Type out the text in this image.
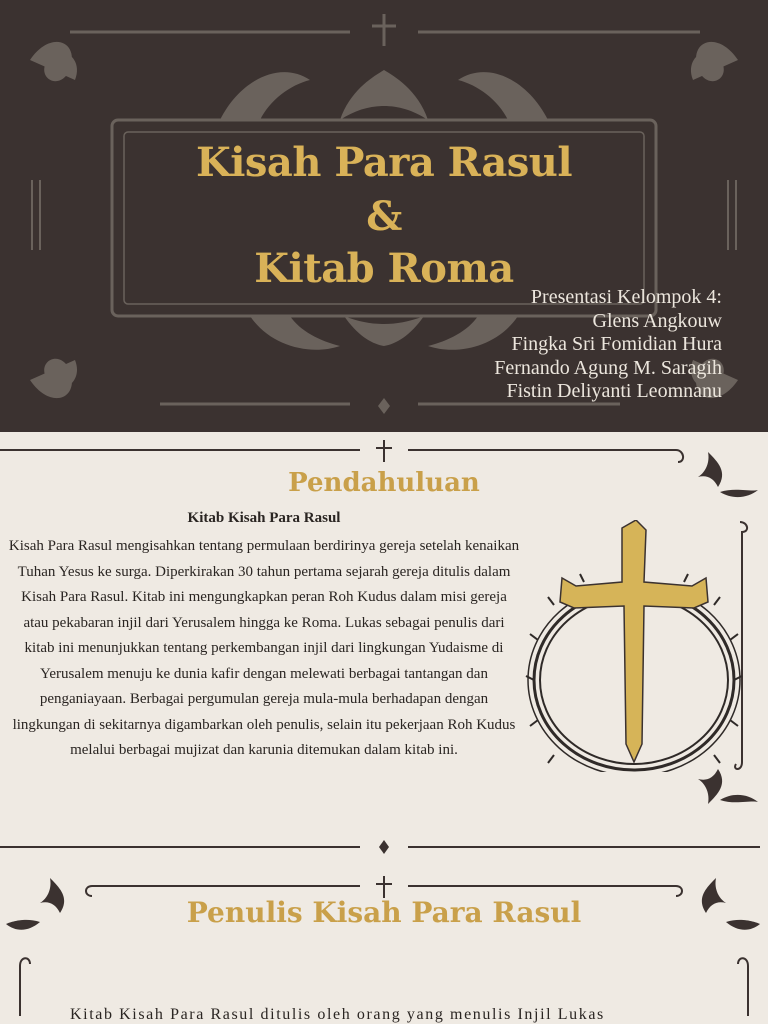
Kisah Para Rasul
&
Kitab Roma
Presentasi Kelompok 4:
Glens Angkouw
Fingka Sri Fomidian Hura
Fernando Agung M. Saragih
Fistin Deliyanti Leomnanu
Pendahuluan
Kitab Kisah Para Rasul
Kisah Para Rasul mengisahkan tentang permulaan berdirinya gereja setelah kenaikan Tuhan Yesus ke surga. Diperkirakan 30 tahun pertama sejarah gereja ditulis dalam Kisah Para Rasul. Kitab ini mengungkapkan peran Roh Kudus dalam misi gereja atau pekabaran injil dari Yerusalem hingga ke Roma. Lukas sebagai penulis dari kitab ini menunjukkan tentang perkembangan injil dari lingkungan Yudaisme di Yerusalem menuju ke dunia kafir dengan melewati berbagai tantangan dan penganiayaan. Berbagai pergumulan gereja mula-mula berhadapan dengan lingkungan di sekitarnya digambarkan oleh penulis, selain itu pekerjaan Roh Kudus melalui berbagai mujizat dan karunia ditemukan dalam kitab ini.
Penulis Kisah Para Rasul
Kitab Kisah Para Rasul ditulis oleh orang yang menulis Injil Lukas
